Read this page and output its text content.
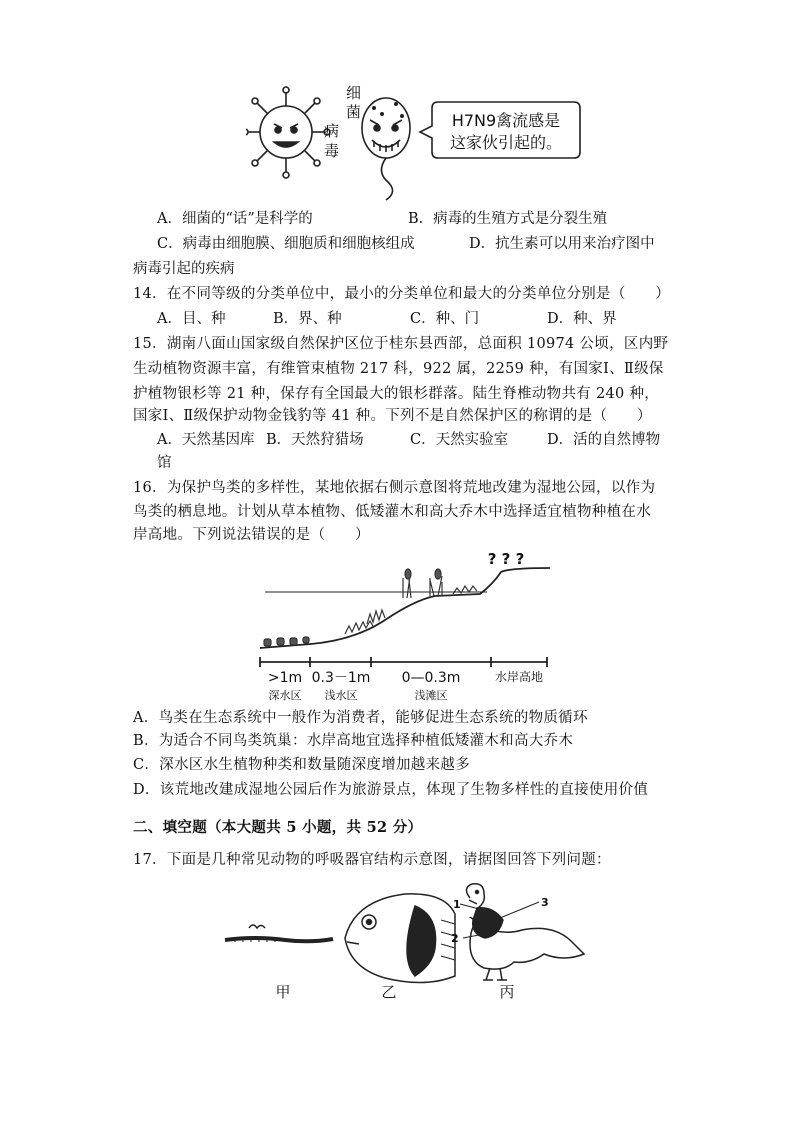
病
毒
细
菌	H7N9禽流感是
这家伙引起的。
A．细菌的“话”是科学的	B．病毒的生殖方式是分裂生殖
C．病毒由细胞膜、细胞质和细胞核组成	D．抗生素可以用来治疗图中
病毒引起的疾病
14．在不同等级的分类单位中，最小的分类单位和最大的分类单位分别是（　　）
A．目、种	B．界、种	C．种、门	D．种、界
15．湖南八面山国家级自然保护区位于桂东县西部，总面积 10974 公顷，区内野
生动植物资源丰富，有维管束植物 217 科，922 属，2259 种，有国家Ⅰ、Ⅱ级保
护植物银杉等 21 种，保存有全国最大的银杉群落。陆生脊椎动物共有 240 种，
国家Ⅰ、Ⅱ级保护动物金钱豹等 41 种。下列不是自然保护区的称谓的是（　　）
A．天然基因库 B．天然狩猎场	C．天然实验室	D．活的自然博物
馆
16．为保护鸟类的多样性，某地依据右侧示意图将荒地改建为湿地公园，以作为
鸟类的栖息地。计划从草本植物、低矮灌木和高大乔木中选择适宜植物种植在水
岸高地。下列说法错误的是（　　）
? ? ?
>1m 0.3－1m 0—0.3m	水岸高地
深水区 浅水区	浅滩区
A．鸟类在生态系统中一般作为消费者，能够促进生态系统的物质循环
B．为适合不同鸟类筑巢：水岸高地宜选择种植低矮灌木和高大乔木
C．深水区水生植物种类和数量随深度增加越来越多
D．该荒地改建成湿地公园后作为旅游景点，体现了生物多样性的直接使用价值
二、填空题（本大题共 5 小题，共 52 分）
17．下面是几种常见动物的呼吸器官结构示意图，请据图回答下列问题：
1
2
3
甲	乙	丙
